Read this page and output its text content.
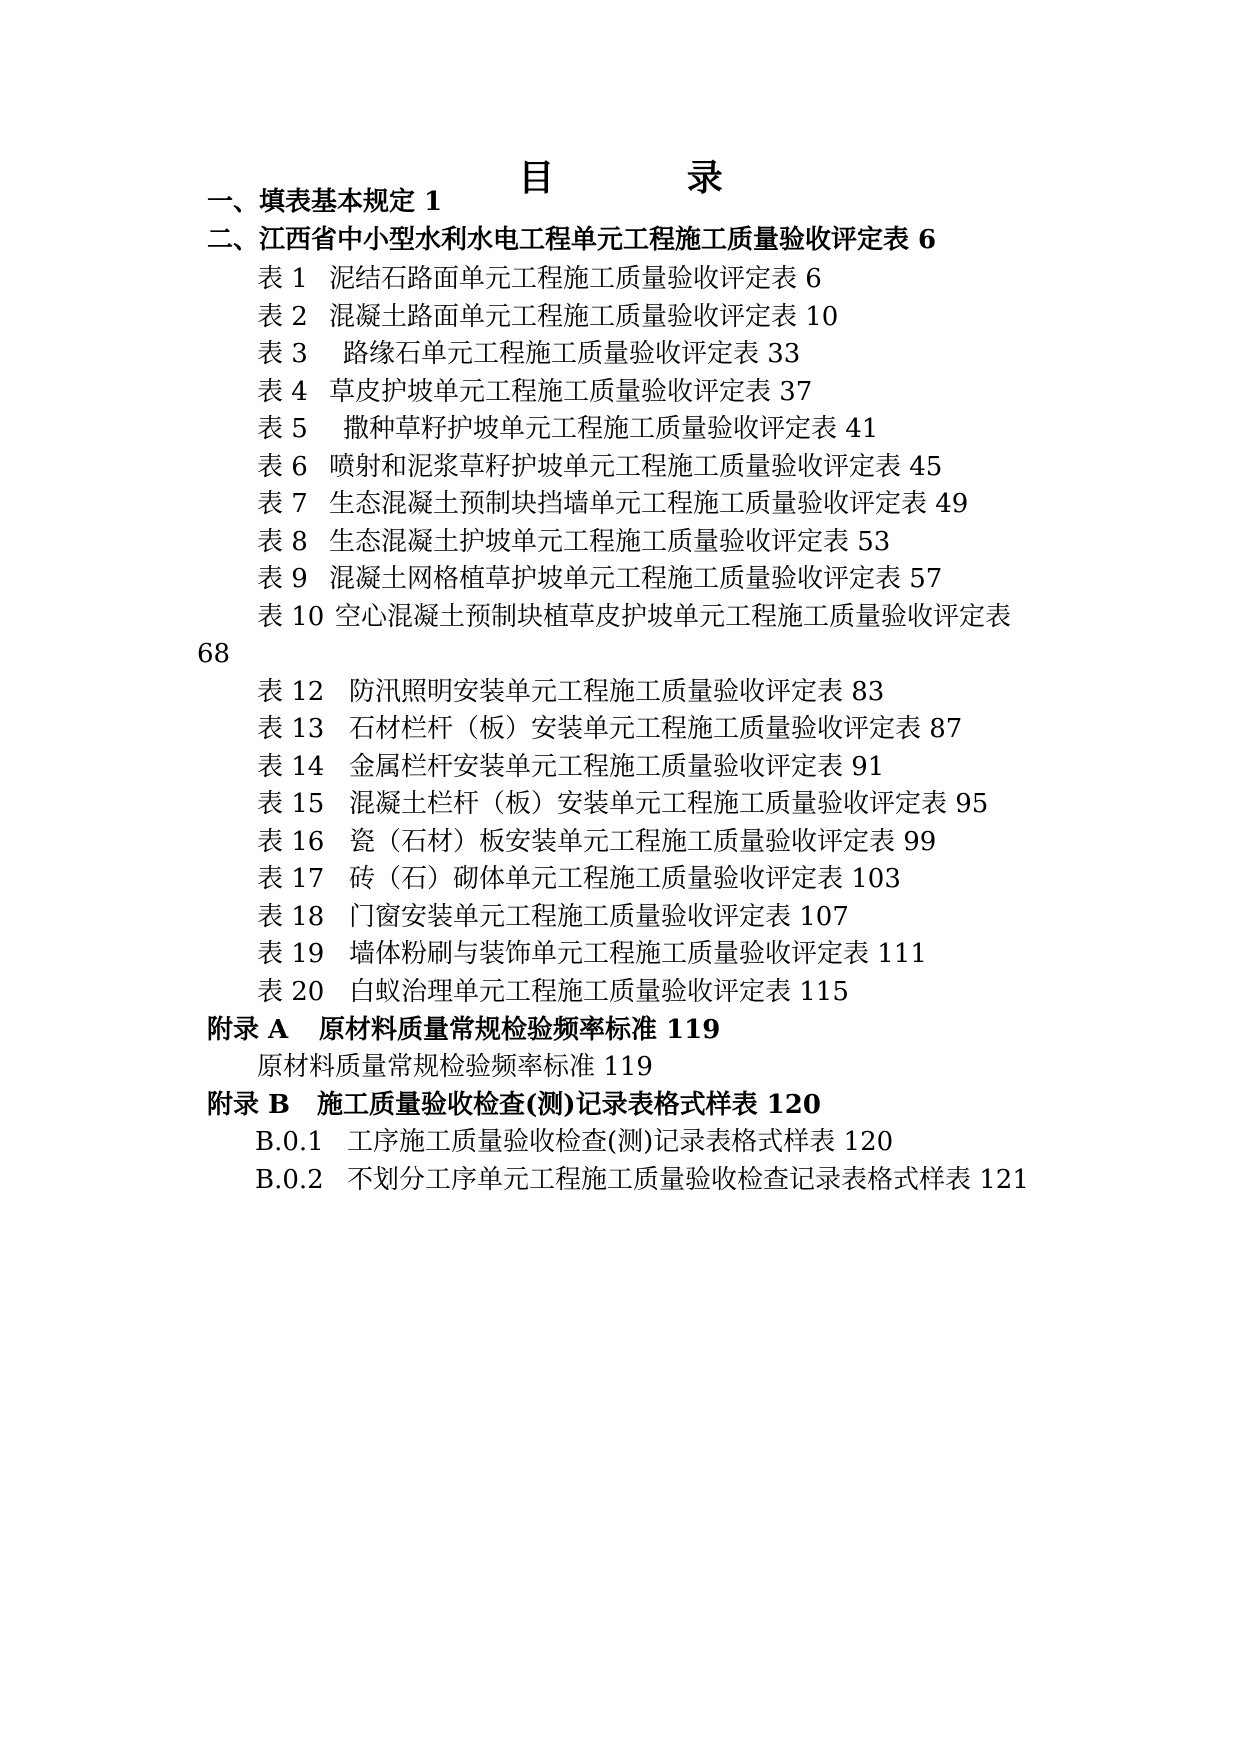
目 录
一、填表基本规定 1
二、江西省中小型水利水电工程单元工程施工质量验收评定表 6
表 1 泥结石路面单元工程施工质量验收评定表 6
表 2 混凝土路面单元工程施工质量验收评定表 10
表 3 路缘石单元工程施工质量验收评定表 33
表 4 草皮护坡单元工程施工质量验收评定表 37
表 5 撒种草籽护坡单元工程施工质量验收评定表 41
表 6 喷射和泥浆草籽护坡单元工程施工质量验收评定表 45
表 7 生态混凝土预制块挡墙单元工程施工质量验收评定表 49
表 8 生态混凝土护坡单元工程施工质量验收评定表 53
表 9 混凝土网格植草护坡单元工程施工质量验收评定表 57
表 10 空心混凝土预制块植草皮护坡单元工程施工质量验收评定表
68
表 12 防汛照明安装单元工程施工质量验收评定表 83
表 13 石材栏杆（板）安装单元工程施工质量验收评定表 87
表 14 金属栏杆安装单元工程施工质量验收评定表 91
表 15 混凝土栏杆（板）安装单元工程施工质量验收评定表 95
表 16 瓷（石材）板安装单元工程施工质量验收评定表 99
表 17 砖（石）砌体单元工程施工质量验收评定表 103
表 18 门窗安装单元工程施工质量验收评定表 107
表 19 墙体粉刷与装饰单元工程施工质量验收评定表 111
表 20 白蚁治理单元工程施工质量验收评定表 115
附录 A 原材料质量常规检验频率标准 119
原材料质量常规检验频率标准 119
附录 B 施工质量验收检查(测)记录表格式样表 120
B.0.1 工序施工质量验收检查(测)记录表格式样表 120
B.0.2 不划分工序单元工程施工质量验收检查记录表格式样表 121
